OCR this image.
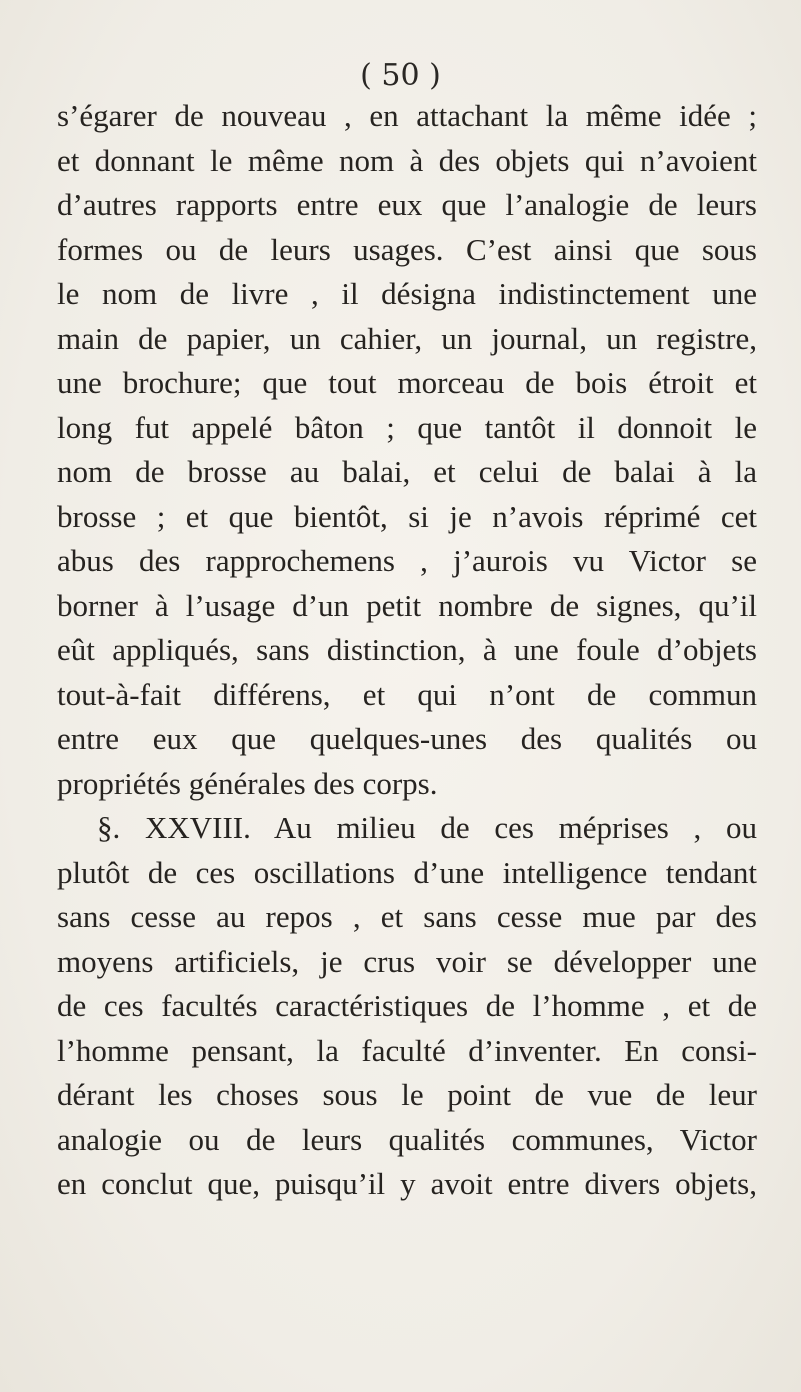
( 50 )
s’égarer de nouveau , en attachant la même idée ;
et donnant le même nom à des objets qui n’avoient
d’autres rapports entre eux que l’analogie de leurs
formes ou de leurs usages. C’est ainsi que sous
le nom de livre , il désigna indistinctement une
main de papier, un cahier, un journal, un registre,
une brochure; que tout morceau de bois étroit et
long fut appelé bâton ; que tantôt il donnoit le
nom de brosse au balai, et celui de balai à la
brosse ; et que bientôt, si je n’avois réprimé cet
abus des rapprochemens , j’aurois vu Victor se
borner à l’usage d’un petit nombre de signes, qu’il
eût appliqués, sans distinction, à une foule d’objets
tout-à-fait différens, et qui n’ont de commun
entre eux que quelques-unes des qualités ou
propriétés générales des corps.
§. XXVIII. Au milieu de ces méprises , ou
plutôt de ces oscillations d’une intelligence tendant
sans cesse au repos , et sans cesse mue par des
moyens artificiels, je crus voir se développer une
de ces facultés caractéristiques de l’homme , et de
l’homme pensant, la faculté d’inventer. En consi-
dérant les choses sous le point de vue de leur
analogie ou de leurs qualités communes, Victor
en conclut que, puisqu’il y avoit entre divers objets,
